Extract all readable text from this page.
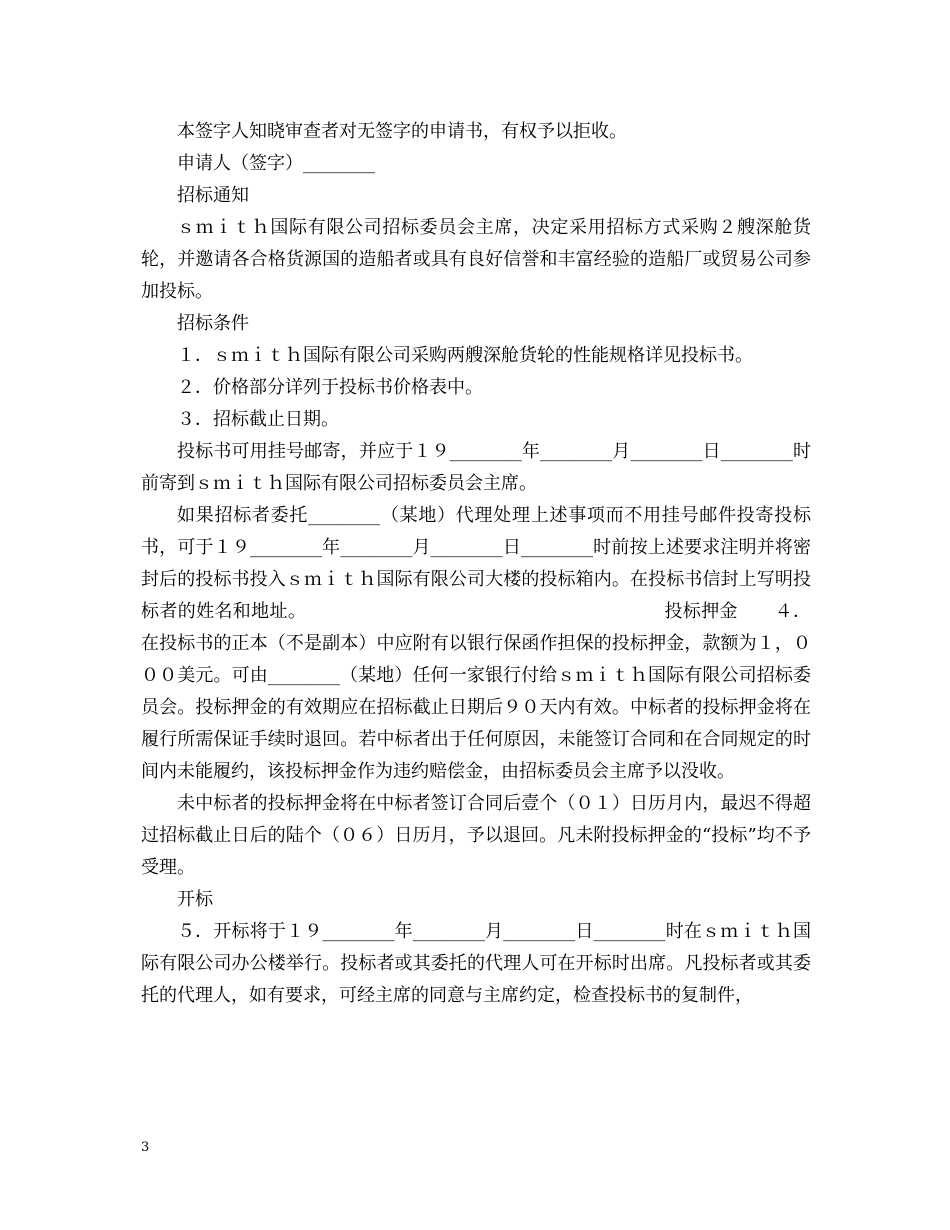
本签字人知晓审查者对无签字的申请书，有权予以拒收。

申请人（签字）________

招标通知

ｓｍｉｔｈ国际有限公司招标委员会主席，决定采用招标方式采购２艘深舱货轮，并邀请各合格货源国的造船者或具有良好信誉和丰富经验的造船厂或贸易公司参加投标。

招标条件

１．ｓｍｉｔｈ国际有限公司采购两艘深舱货轮的性能规格详见投标书。

２．价格部分详列于投标书价格表中。

３．招标截止日期。

投标书可用挂号邮寄，并应于１９________年________月________日________时前寄到ｓｍｉｔｈ国际有限公司招标委员会主席。

如果招标者委托________（某地）代理处理上述事项而不用挂号邮件投寄投标书，可于１９________年________月________日________时前按上述要求注明并将密封后的投标书投入ｓｍｉｔｈ国际有限公司大楼的投标箱内。在投标书信封上写明投标者的姓名和地址。　　　　　　　　　　　　　　　　　　　　投标押金　　４．在投标书的正本（不是副本）中应附有以银行保函作担保的投标押金，款额为１，０００美元。可由________（某地）任何一家银行付给ｓｍｉｔｈ国际有限公司招标委员会。投标押金的有效期应在招标截止日期后９０天内有效。中标者的投标押金将在履行所需保证手续时退回。若中标者出于任何原因，未能签订合同和在合同规定的时间内未能履约，该投标押金作为违约赔偿金，由招标委员会主席予以没收。

未中标者的投标押金将在中标者签订合同后壹个（０１）日历月内，最迟不得超过招标截止日后的陆个（０６）日历月，予以退回。凡未附投标押金的“投标”均不予受理。

开标

５．开标将于１９________年________月________日________时在ｓｍｉｔｈ国际有限公司办公楼举行。投标者或其委托的代理人可在开标时出席。凡投标者或其委托的代理人，如有要求，可经主席的同意与主席约定，检查投标书的复制件，

3
